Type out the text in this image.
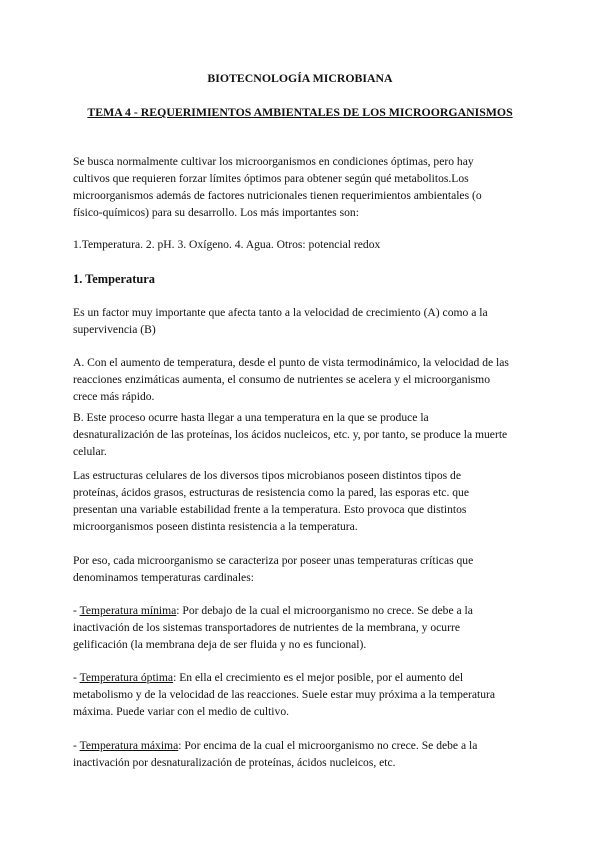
BIOTECNOLOGÍA MICROBIANA
TEMA 4 - REQUERIMIENTOS AMBIENTALES DE LOS MICROORGANISMOS
Se busca normalmente cultivar los microorganismos en condiciones óptimas, pero hay
cultivos que requieren forzar límites óptimos para obtener según qué metabolitos.Los
microorganismos además de factores nutricionales tienen requerimientos ambientales (o
físico-químicos) para su desarrollo. Los más importantes son:
1.Temperatura. 2. pH. 3. Oxígeno. 4. Agua. Otros: potencial redox
1. Temperatura
Es un factor muy importante que afecta tanto a la velocidad de crecimiento (A) como a la
supervivencia (B)
A. Con el aumento de temperatura, desde el punto de vista termodinámico, la velocidad de las
reacciones enzimáticas aumenta, el consumo de nutrientes se acelera y el microorganismo
crece más rápido.
B. Este proceso ocurre hasta llegar a una temperatura en la que se produce la
desnaturalización de las proteínas, los ácidos nucleicos, etc. y, por tanto, se produce la muerte
celular.
Las estructuras celulares de los diversos tipos microbianos poseen distintos tipos de
proteínas, ácidos grasos, estructuras de resistencia como la pared, las esporas etc. que
presentan una variable estabilidad frente a la temperatura. Esto provoca que distintos
microorganismos poseen distinta resistencia a la temperatura.
Por eso, cada microorganismo se caracteriza por poseer unas temperaturas críticas que
denominamos temperaturas cardinales:
- Temperatura mínima: Por debajo de la cual el microorganismo no crece. Se debe a la
inactivación de los sistemas transportadores de nutrientes de la membrana, y ocurre
gelificación (la membrana deja de ser fluida y no es funcional).
- Temperatura óptima: En ella el crecimiento es el mejor posible, por el aumento del
metabolismo y de la velocidad de las reacciones. Suele estar muy próxima a la temperatura
máxima. Puede variar con el medio de cultivo.
- Temperatura máxima: Por encima de la cual el microorganismo no crece. Se debe a la
inactivación por desnaturalización de proteínas, ácidos nucleicos, etc.
